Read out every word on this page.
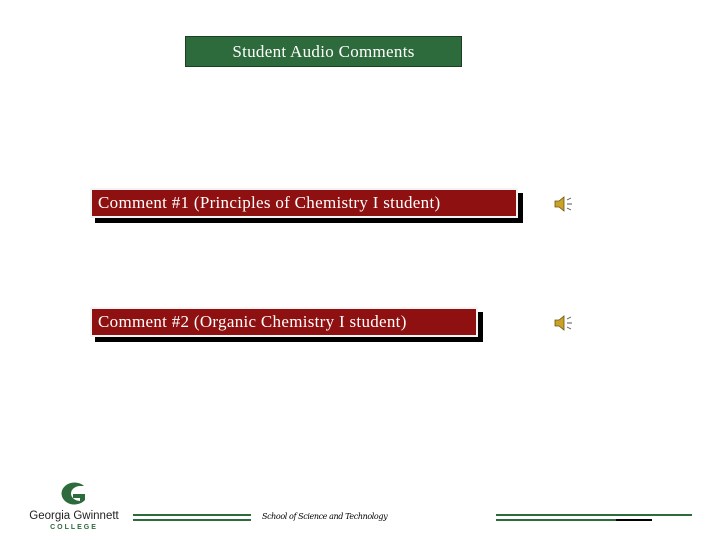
Student Audio Comments
Comment #1 (Principles of Chemistry I student)
Comment #2 (Organic Chemistry I student)
Georgia Gwinnett
COLLEGE
School of Science and Technology
